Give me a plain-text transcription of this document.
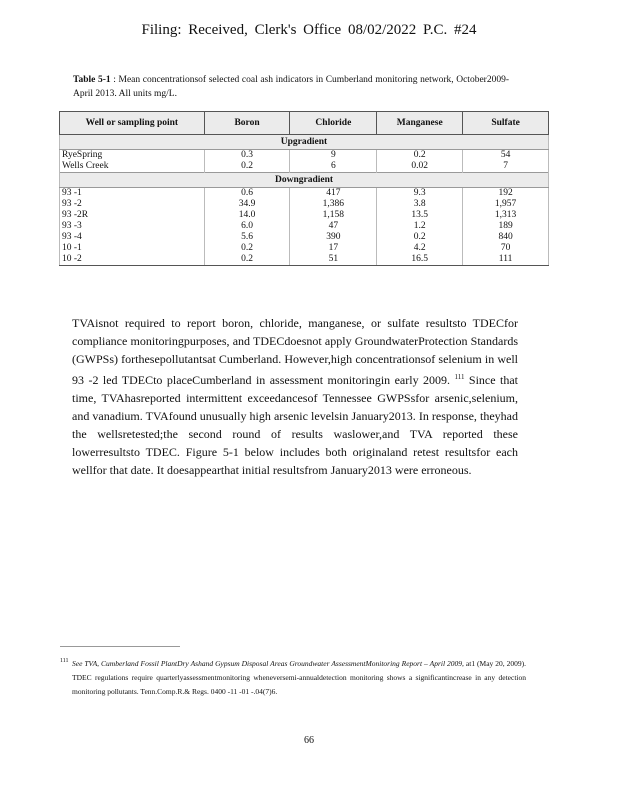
Filing: Received, Clerk's Office 08/02/2022 P.C. #24
Table 5-1 : Mean concentrationsof selected coal ash indicators in Cumberland monitoring network, October2009-April 2013. All units mg/L.
Well or sampling point	Boron	Chloride	Manganese	Sulfate
Upgradient				
RyeSpring	0.3	9	0.2	54
Wells Creek	0.2	6	0.02	7
Downgradient				
93 -1	0.6	417	9.3	192
93 -2	34.9	1,386	3.8	1,957
93 -2R	14.0	1,158	13.5	1,313
93 -3	6.0	47	1.2	189
93 -4	5.6	390	0.2	840
10 -1	0.2	17	4.2	70
10 -2	0.2	51	16.5	111
TVAisnot required to report boron, chloride, manganese, or sulfate resultsto TDECfor compliance monitoringpurposes, and TDECdoesnot apply GroundwaterProtection Standards (GWPSs) forthesepollutantsat Cumberland. However,high concentrationsof selenium in well 93 -2 led TDECto placeCumberland in assessment monitoringin early 2009. $^{111}$ Since that time, TVAhasreported intermittent exceedancesof Tennessee GWPSsfor arsenic,selenium, and vanadium. TVAfound unusually high arsenic levelsin January2013. In response, theyhad the wellsretested;the second round of results waslower,and TVA reported these lowerresultsto TDEC. Figure 5-1 below includes both originaland retest resultsfor each wellfor that date. It doesappearthat initial resultsfrom January2013 were erroneous.
111 See TVA, Cumberland Fossil PlantDry Ashand Gypsum Disposal Areas Groundwater AssessmentMonitoring Report – April 2009, at1 (May 20, 2009). TDEC regulations require quarterlyassessmentmonitoring wheneversemi-annualdetection monitoring shows a significantincrease in any detection monitoring pollutants. Tenn.Comp.R.& Regs. 0400 -11 -01 -.04(7)6.
66
